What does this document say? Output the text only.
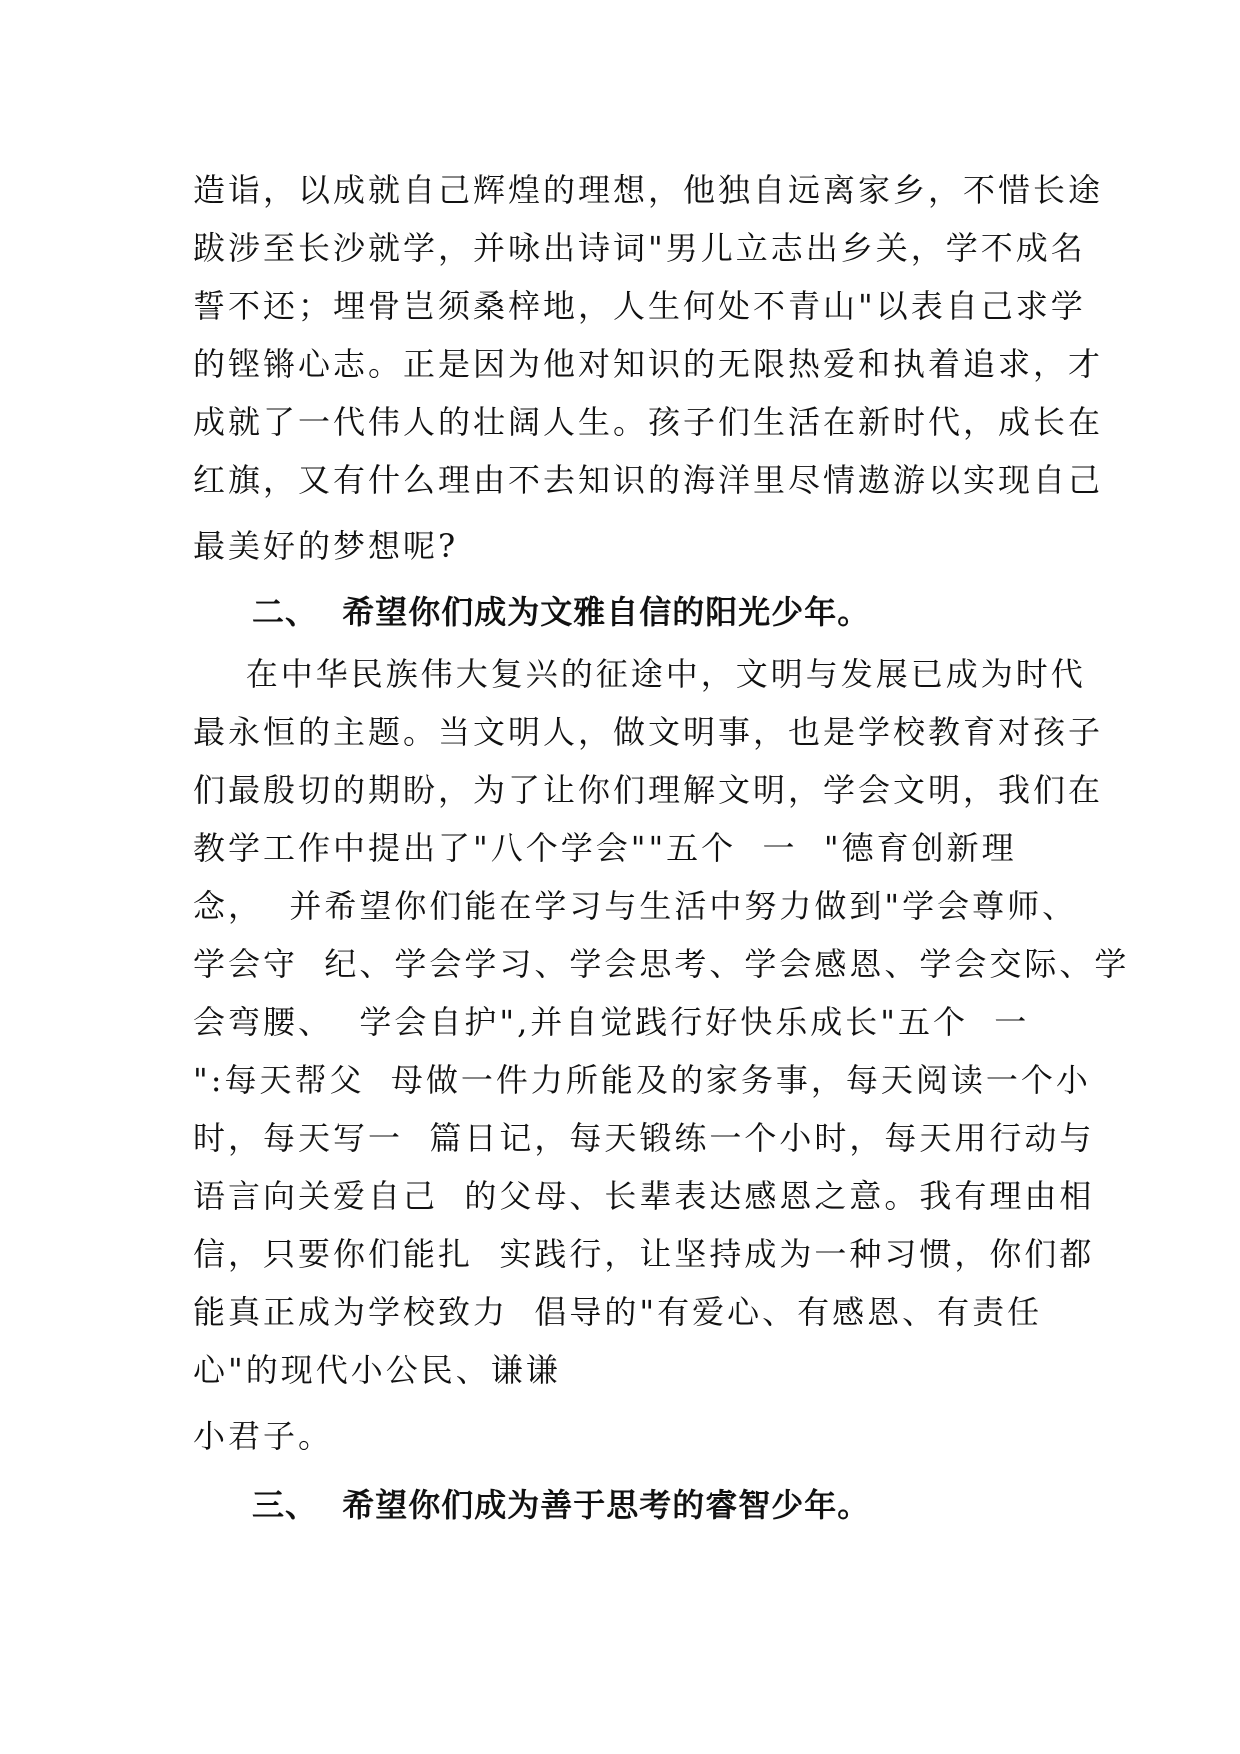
造诣，以成就自己辉煌的理想，他独自远离家乡，不惜长途
跋涉至长沙就学，并咏出诗词"男儿立志出乡关，学不成名
誓不还；埋骨岂须桑梓地，人生何处不青山"以表自己求学
的铿锵心志。正是因为他对知识的无限热爱和执着追求，才
成就了一代伟人的壮阔人生。孩子们生活在新时代，成长在
红旗，又有什么理由不去知识的海洋里尽情遨游以实现自己
最美好的梦想呢?
二、  希望你们成为文雅自信的阳光少年。
在中华民族伟大复兴的征途中，文明与发展已成为时代
最永恒的主题。当文明人，做文明事，也是学校教育对孩子
们最殷切的期盼，为了让你们理解文明，学会文明，我们在
教学工作中提出了"八个学会""五个  一  "德育创新理
念，  并希望你们能在学习与生活中努力做到"学会尊师、
学会守  纪、学会学习、学会思考、学会感恩、学会交际、学
会弯腰、  学会自护",并自觉践行好快乐成长"五个  一
":每天帮父  母做一件力所能及的家务事，每天阅读一个小
时，每天写一  篇日记，每天锻练一个小时，每天用行动与
语言向关爱自己  的父母、长辈表达感恩之意。我有理由相
信，只要你们能扎  实践行，让坚持成为一种习惯，你们都
能真正成为学校致力  倡导的"有爱心、有感恩、有责任
心"的现代小公民、谦谦
小君子。
三、  希望你们成为善于思考的睿智少年。
